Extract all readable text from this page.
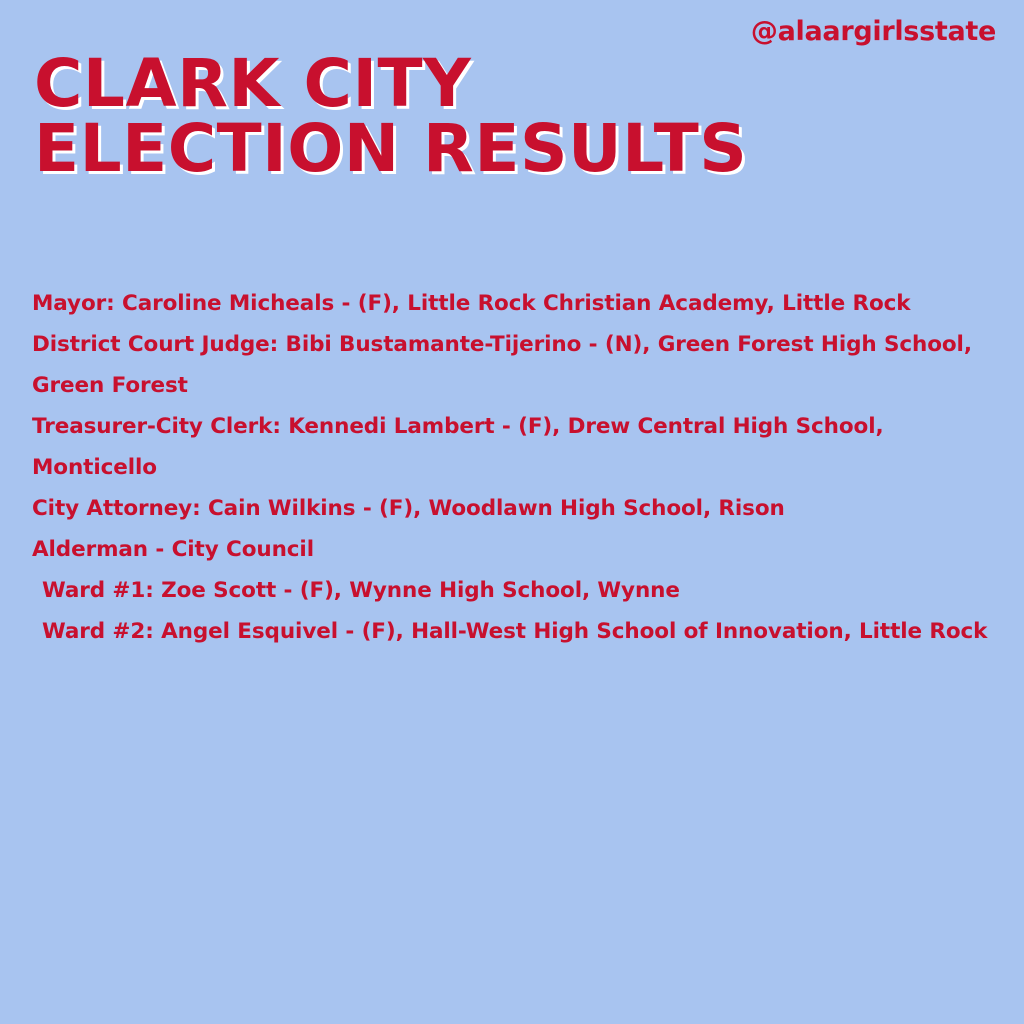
@alaargirlsstate
CLARK CITY
ELECTION RESULTS
Mayor: Caroline Micheals - (F), Little Rock Christian Academy, Little Rock
District Court Judge: Bibi Bustamante-Tijerino - (N), Green Forest High School,
Green Forest
Treasurer-City Clerk: Kennedi Lambert - (F), Drew Central High School,
Monticello
City Attorney: Cain Wilkins - (F), Woodlawn High School, Rison
Alderman - City Council
Ward #1: Zoe Scott - (F), Wynne High School, Wynne
Ward #2: Angel Esquivel - (F), Hall-West High School of Innovation, Little Rock
